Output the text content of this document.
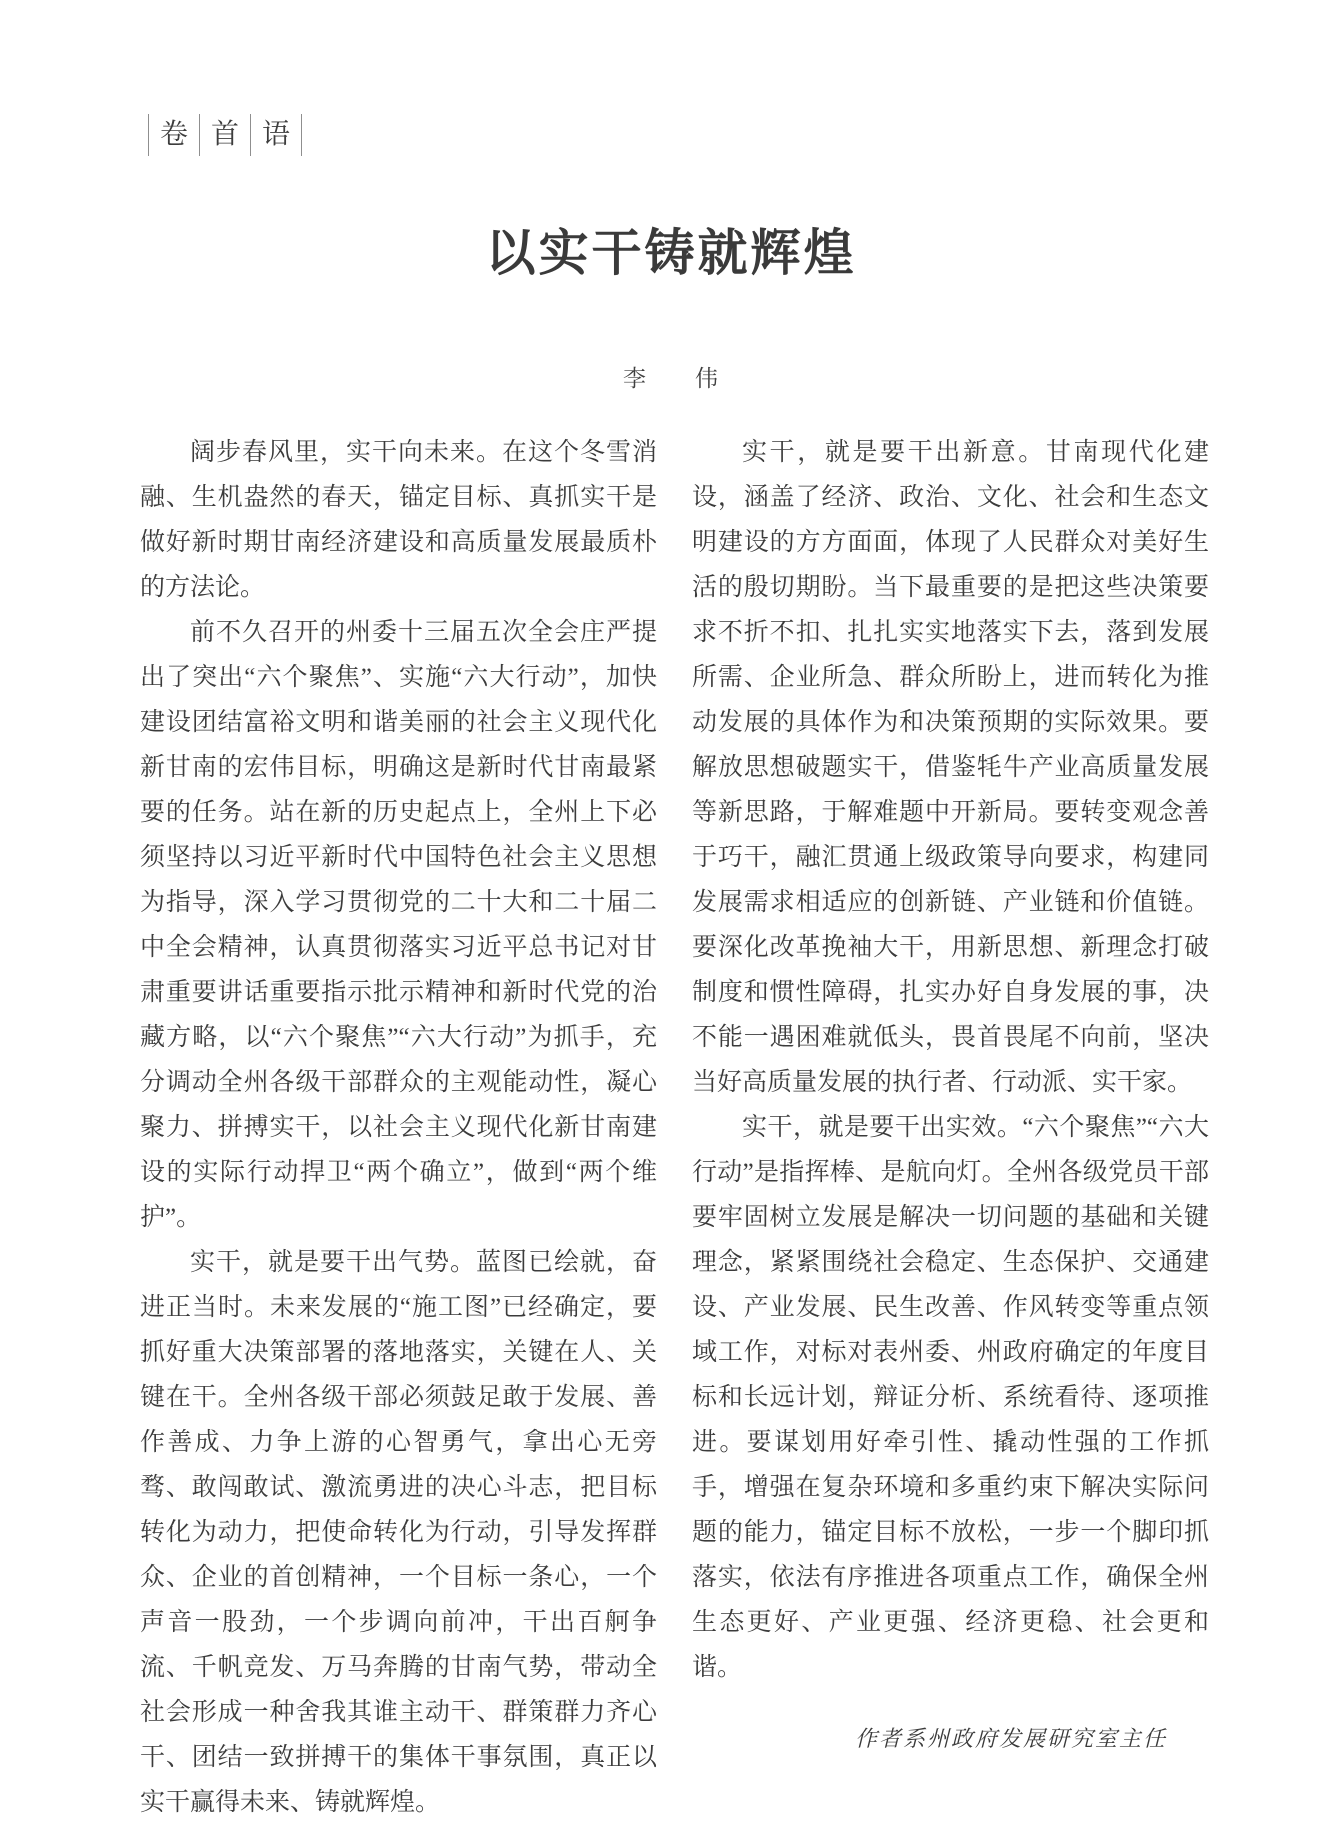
卷 首 语
以实干铸就辉煌
李　　伟

阔步春风里，实干向未来。在这个冬雪消融、生机盎然的春天，锚定目标、真抓实干是做好新时期甘南经济建设和高质量发展最质朴的方法论。

前不久召开的州委十三届五次全会庄严提出了突出“六个聚焦”、实施“六大行动”，加快建设团结富裕文明和谐美丽的社会主义现代化新甘南的宏伟目标，明确这是新时代甘南最紧要的任务。站在新的历史起点上，全州上下必须坚持以习近平新时代中国特色社会主义思想为指导，深入学习贯彻党的二十大和二十届二中全会精神，认真贯彻落实习近平总书记对甘肃重要讲话重要指示批示精神和新时代党的治藏方略，以“六个聚焦”“六大行动”为抓手，充分调动全州各级干部群众的主观能动性，凝心聚力、拼搏实干，以社会主义现代化新甘南建设的实际行动捍卫“两个确立”，做到“两个维护”。

实干，就是要干出气势。蓝图已绘就，奋进正当时。未来发展的“施工图”已经确定，要抓好重大决策部署的落地落实，关键在人、关键在干。全州各级干部必须鼓足敢于发展、善作善成、力争上游的心智勇气，拿出心无旁骛、敢闯敢试、激流勇进的决心斗志，把目标转化为动力，把使命转化为行动，引导发挥群众、企业的首创精神，一个目标一条心，一个声音一股劲，一个步调向前冲，干出百舸争流、千帆竞发、万马奔腾的甘南气势，带动全社会形成一种舍我其谁主动干、群策群力齐心干、团结一致拼搏干的集体干事氛围，真正以实干赢得未来、铸就辉煌。

实干，就是要干出新意。甘南现代化建设，涵盖了经济、政治、文化、社会和生态文明建设的方方面面，体现了人民群众对美好生活的殷切期盼。当下最重要的是把这些决策要求不折不扣、扎扎实实地落实下去，落到发展所需、企业所急、群众所盼上，进而转化为推动发展的具体作为和决策预期的实际效果。要解放思想破题实干，借鉴牦牛产业高质量发展等新思路，于解难题中开新局。要转变观念善于巧干，融汇贯通上级政策导向要求，构建同发展需求相适应的创新链、产业链和价值链。要深化改革挽袖大干，用新思想、新理念打破制度和惯性障碍，扎实办好自身发展的事，决不能一遇困难就低头，畏首畏尾不向前，坚决当好高质量发展的执行者、行动派、实干家。

实干，就是要干出实效。“六个聚焦”“六大行动”是指挥棒、是航向灯。全州各级党员干部要牢固树立发展是解决一切问题的基础和关键理念，紧紧围绕社会稳定、生态保护、交通建设、产业发展、民生改善、作风转变等重点领域工作，对标对表州委、州政府确定的年度目标和长远计划，辩证分析、系统看待、逐项推进。要谋划用好牵引性、撬动性强的工作抓手，增强在复杂环境和多重约束下解决实际问题的能力，锚定目标不放松，一步一个脚印抓落实，依法有序推进各项重点工作，确保全州生态更好、产业更强、经济更稳、社会更和谐。

作者系州政府发展研究室主任
